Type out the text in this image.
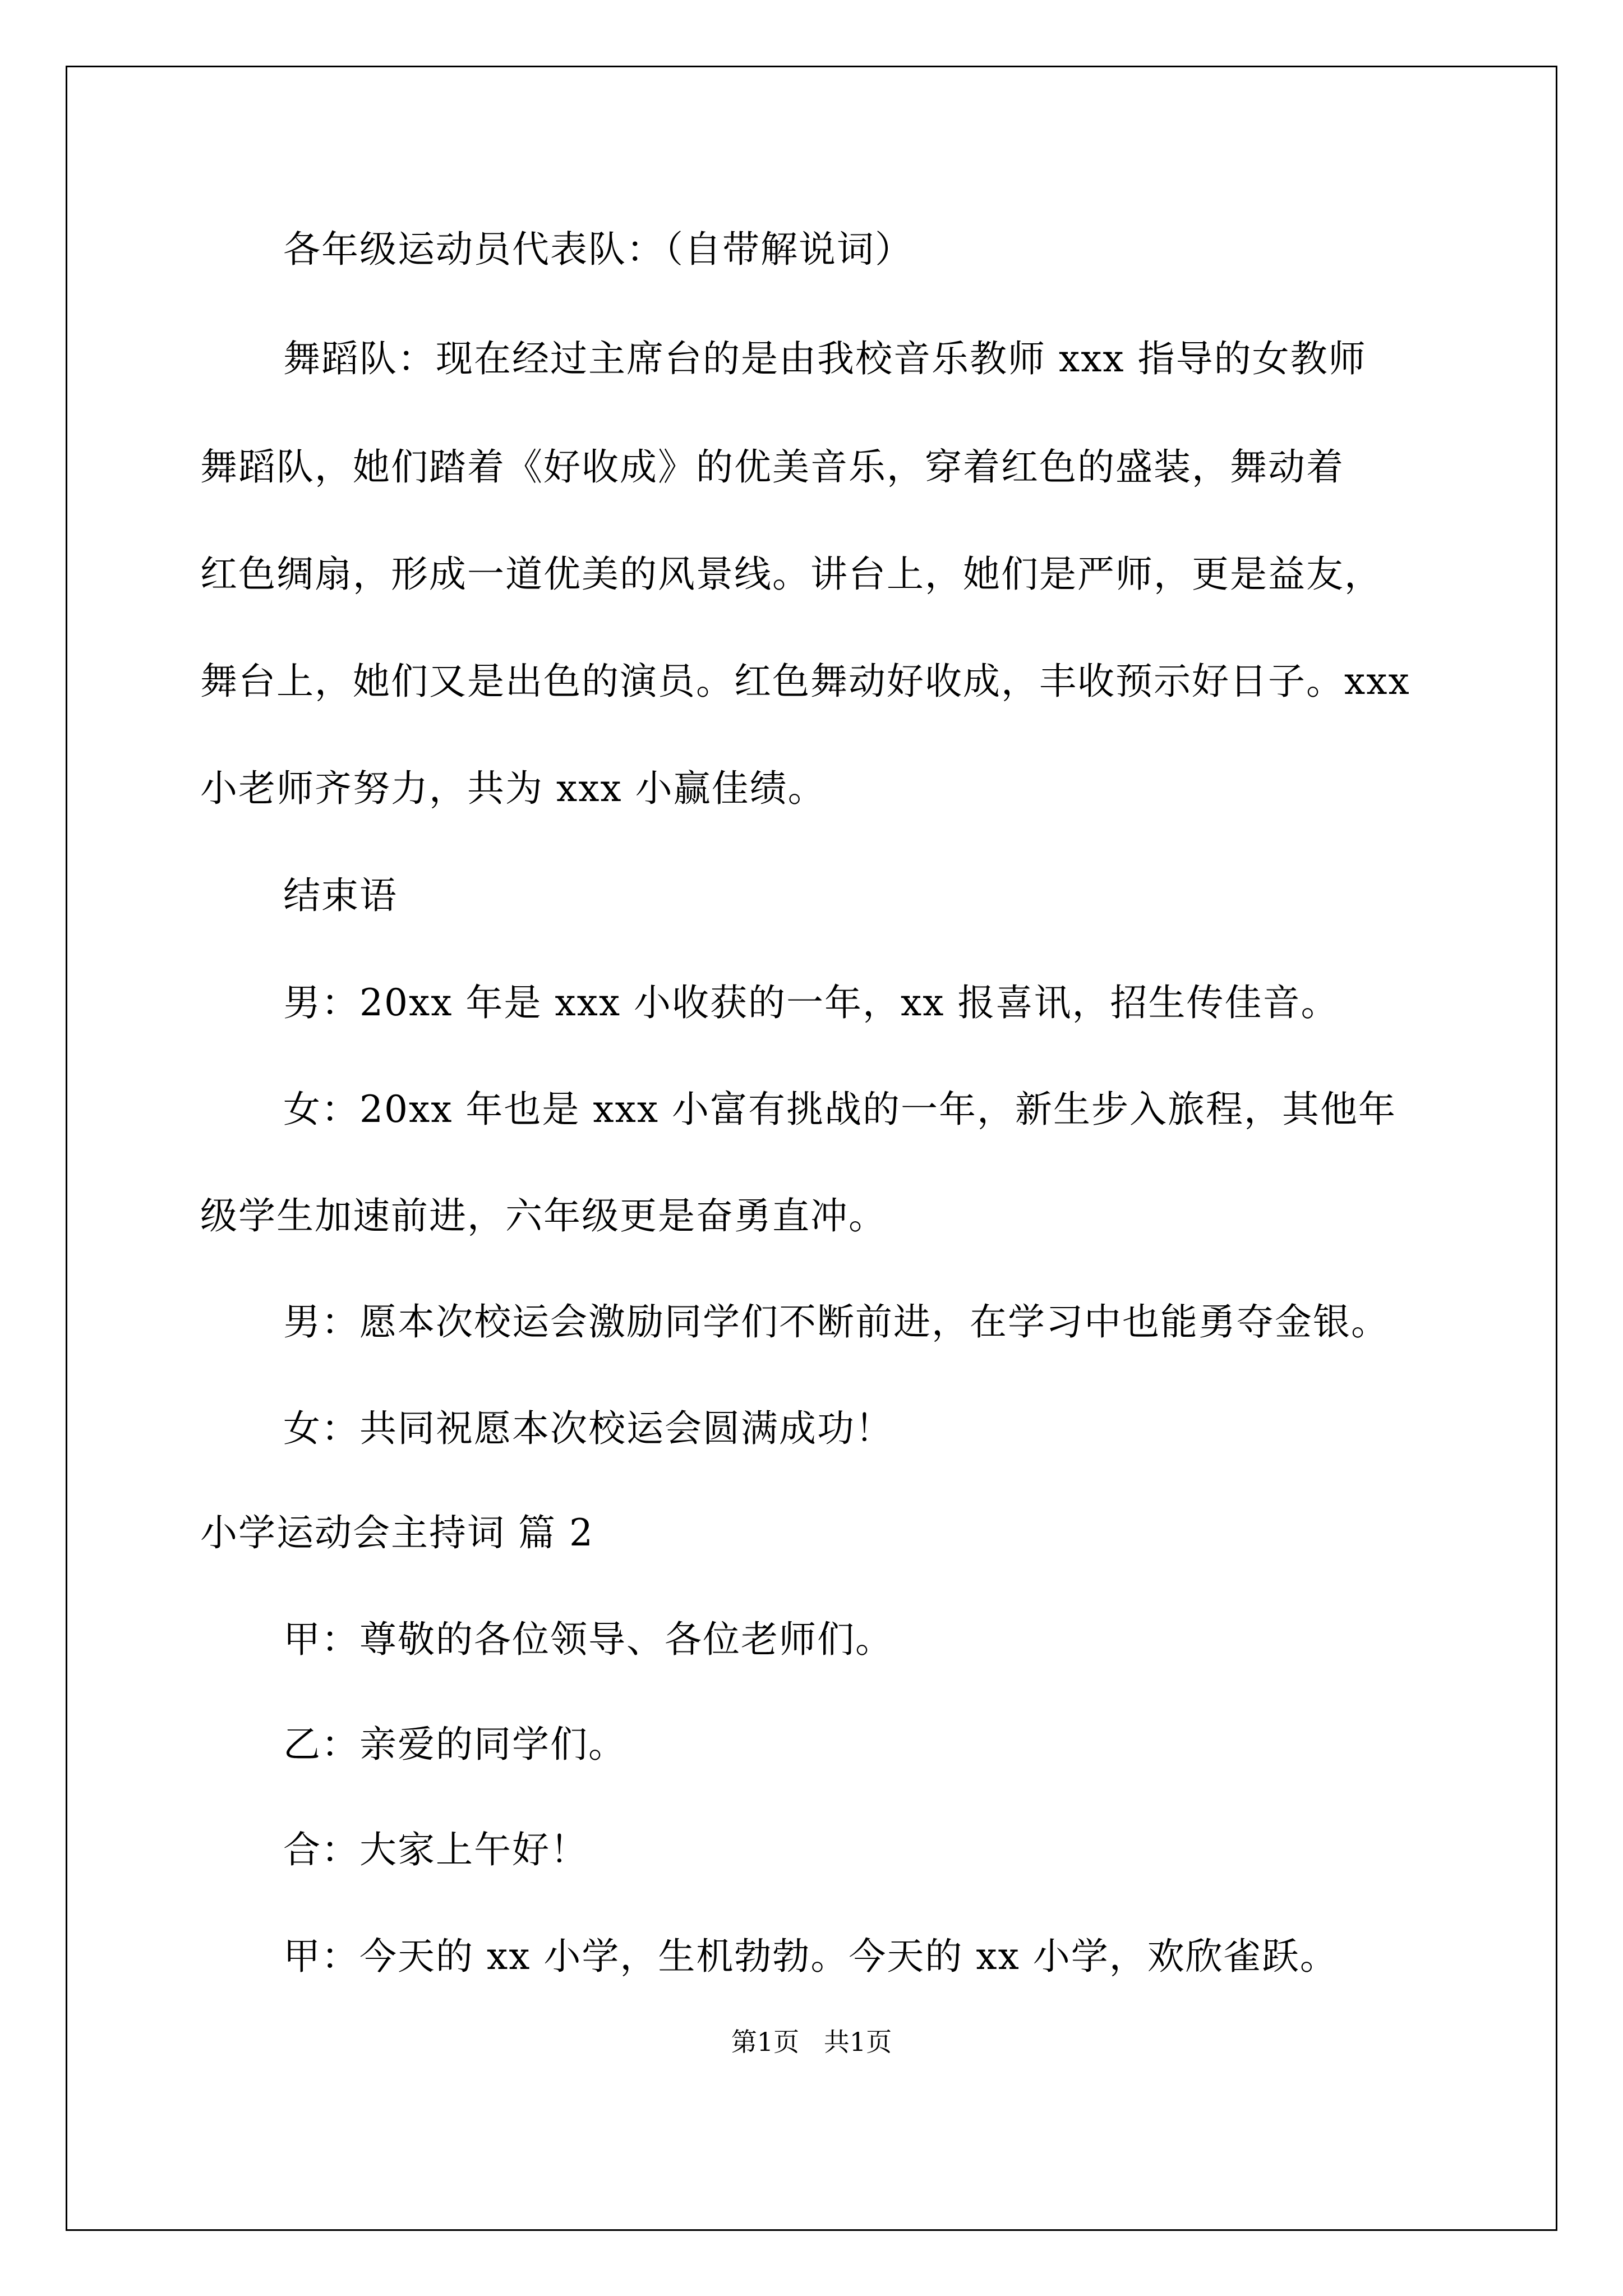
各年级运动员代表队：（自带解说词）
舞蹈队：现在经过主席台的是由我校音乐教师 xxx 指导的女教师
舞蹈队，她们踏着《好收成》的优美音乐，穿着红色的盛装，舞动着
红色绸扇，形成一道优美的风景线。讲台上，她们是严师，更是益友，
舞台上，她们又是出色的演员。红色舞动好收成，丰收预示好日子。xxx
小老师齐努力，共为 xxx 小赢佳绩。
结束语
男：20xx 年是 xxx 小收获的一年，xx 报喜讯，招生传佳音。
女：20xx 年也是 xxx 小富有挑战的一年，新生步入旅程，其他年
级学生加速前进，六年级更是奋勇直冲。
男：愿本次校运会激励同学们不断前进，在学习中也能勇夺金银。
女：共同祝愿本次校运会圆满成功！
小学运动会主持词 篇 2
甲：尊敬的各位领导、各位老师们。
乙：亲爱的同学们。
合：大家上午好！
甲：今天的 xx 小学，生机勃勃。今天的 xx 小学，欢欣雀跃。
第1页   共1页
